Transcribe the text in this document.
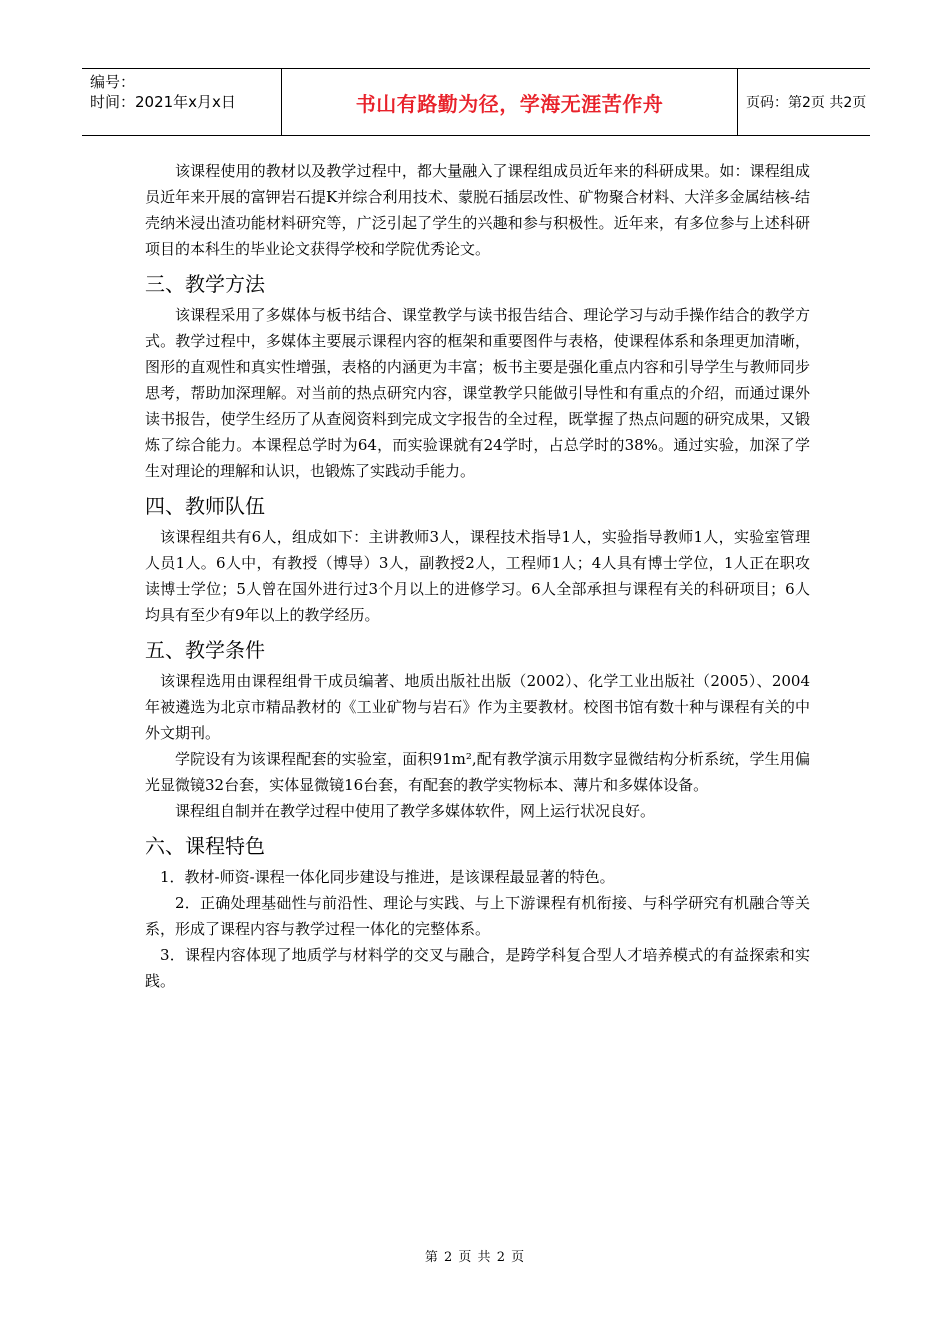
编号：
时间：2021年x月x日	书山有路勤为径，学海无涯苦作舟	页码：第2页 共2页

该课程使用的教材以及教学过程中，都大量融入了课程组成员近年来的科研成果。如：课程组成员近年来开展的富钾岩石提K并综合利用技术、蒙脱石插层改性、矿物聚合材料、大洋多金属结核-结壳纳米浸出渣功能材料研究等，广泛引起了学生的兴趣和参与积极性。近年来，有多位参与上述科研项目的本科生的毕业论文获得学校和学院优秀论文。

三、教学方法

该课程采用了多媒体与板书结合、课堂教学与读书报告结合、理论学习与动手操作结合的教学方式。教学过程中，多媒体主要展示课程内容的框架和重要图件与表格，使课程体系和条理更加清晰，图形的直观性和真实性增强，表格的内涵更为丰富；板书主要是强化重点内容和引导学生与教师同步思考，帮助加深理解。对当前的热点研究内容，课堂教学只能做引导性和有重点的介绍，而通过课外读书报告，使学生经历了从查阅资料到完成文字报告的全过程，既掌握了热点问题的研究成果，又锻炼了综合能力。本课程总学时为64，而实验课就有24学时，占总学时的38%。通过实验，加深了学生对理论的理解和认识，也锻炼了实践动手能力。

四、教师队伍

该课程组共有6人，组成如下：主讲教师3人，课程技术指导1人，实验指导教师1人，实验室管理人员1人。6人中，有教授（博导）3人，副教授2人，工程师1人；4人具有博士学位，1人正在职攻读博士学位；5人曾在国外进行过3个月以上的进修学习。6人全部承担与课程有关的科研项目；6人均具有至少有9年以上的教学经历。

五、教学条件

该课程选用由课程组骨干成员编著、地质出版社出版（2002）、化学工业出版社（2005）、2004年被遴选为北京市精品教材的《工业矿物与岩石》作为主要教材。校图书馆有数十种与课程有关的中外文期刊。

学院设有为该课程配套的实验室，面积91m²,配有教学演示用数字显微结构分析系统，学生用偏光显微镜32台套，实体显微镜16台套，有配套的教学实物标本、薄片和多媒体设备。

课程组自制并在教学过程中使用了教学多媒体软件，网上运行状况良好。

六、课程特色

1．教材-师资-课程一体化同步建设与推进，是该课程最显著的特色。

2．正确处理基础性与前沿性、理论与实践、与上下游课程有机衔接、与科学研究有机融合等关系，形成了课程内容与教学过程一体化的完整体系。

3．课程内容体现了地质学与材料学的交叉与融合，是跨学科复合型人才培养模式的有益探索和实践。

第 2 页 共 2 页
